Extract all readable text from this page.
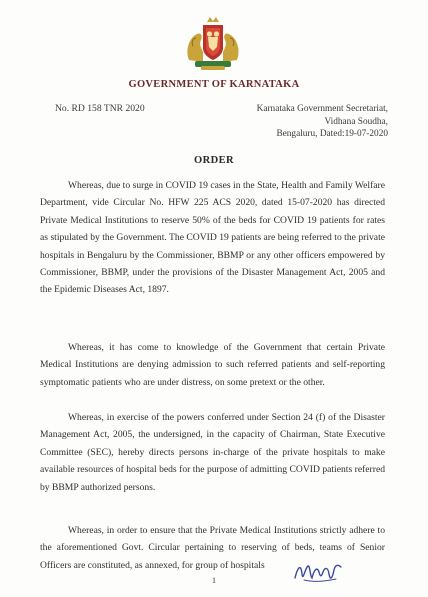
GOVERNMENT OF KARNATAKA
No. RD 158 TNR 2020	Karnataka Government Secretariat,
Vidhana Soudha,
Bengaluru, Dated:19-07-2020
ORDER

Whereas, due to surge in COVID 19 cases in the State, Health and Family Welfare Department, vide Circular No. HFW 225 ACS 2020, dated 15-07-2020 has directed Private Medical Institutions to reserve 50% of the beds for COVID 19 patients for rates as stipulated by the Government. The COVID 19 patients are being referred to the private hospitals in Bengaluru by the Commissioner, BBMP or any other officers empowered by Commissioner, BBMP, under the provisions of the Disaster Management Act, 2005 and the Epidemic Diseases Act, 1897.

Whereas, it has come to knowledge of the Government that certain Private Medical Institutions are denying admission to such referred patients and self-reporting symptomatic patients who are under distress, on some pretext or the other.

Whereas, in exercise of the powers conferred under Section 24 (f) of the Disaster Management Act, 2005, the undersigned, in the capacity of Chairman, State Executive Committee (SEC), hereby directs persons in-charge of the private hospitals to make available resources of hospital beds for the purpose of admitting COVID patients referred by BBMP authorized persons.

Whereas, in order to ensure that the Private Medical Institutions strictly adhere to the aforementioned Govt. Circular pertaining to reserving of beds, teams of Senior Officers are constituted, as annexed, for group of hospitals

1
